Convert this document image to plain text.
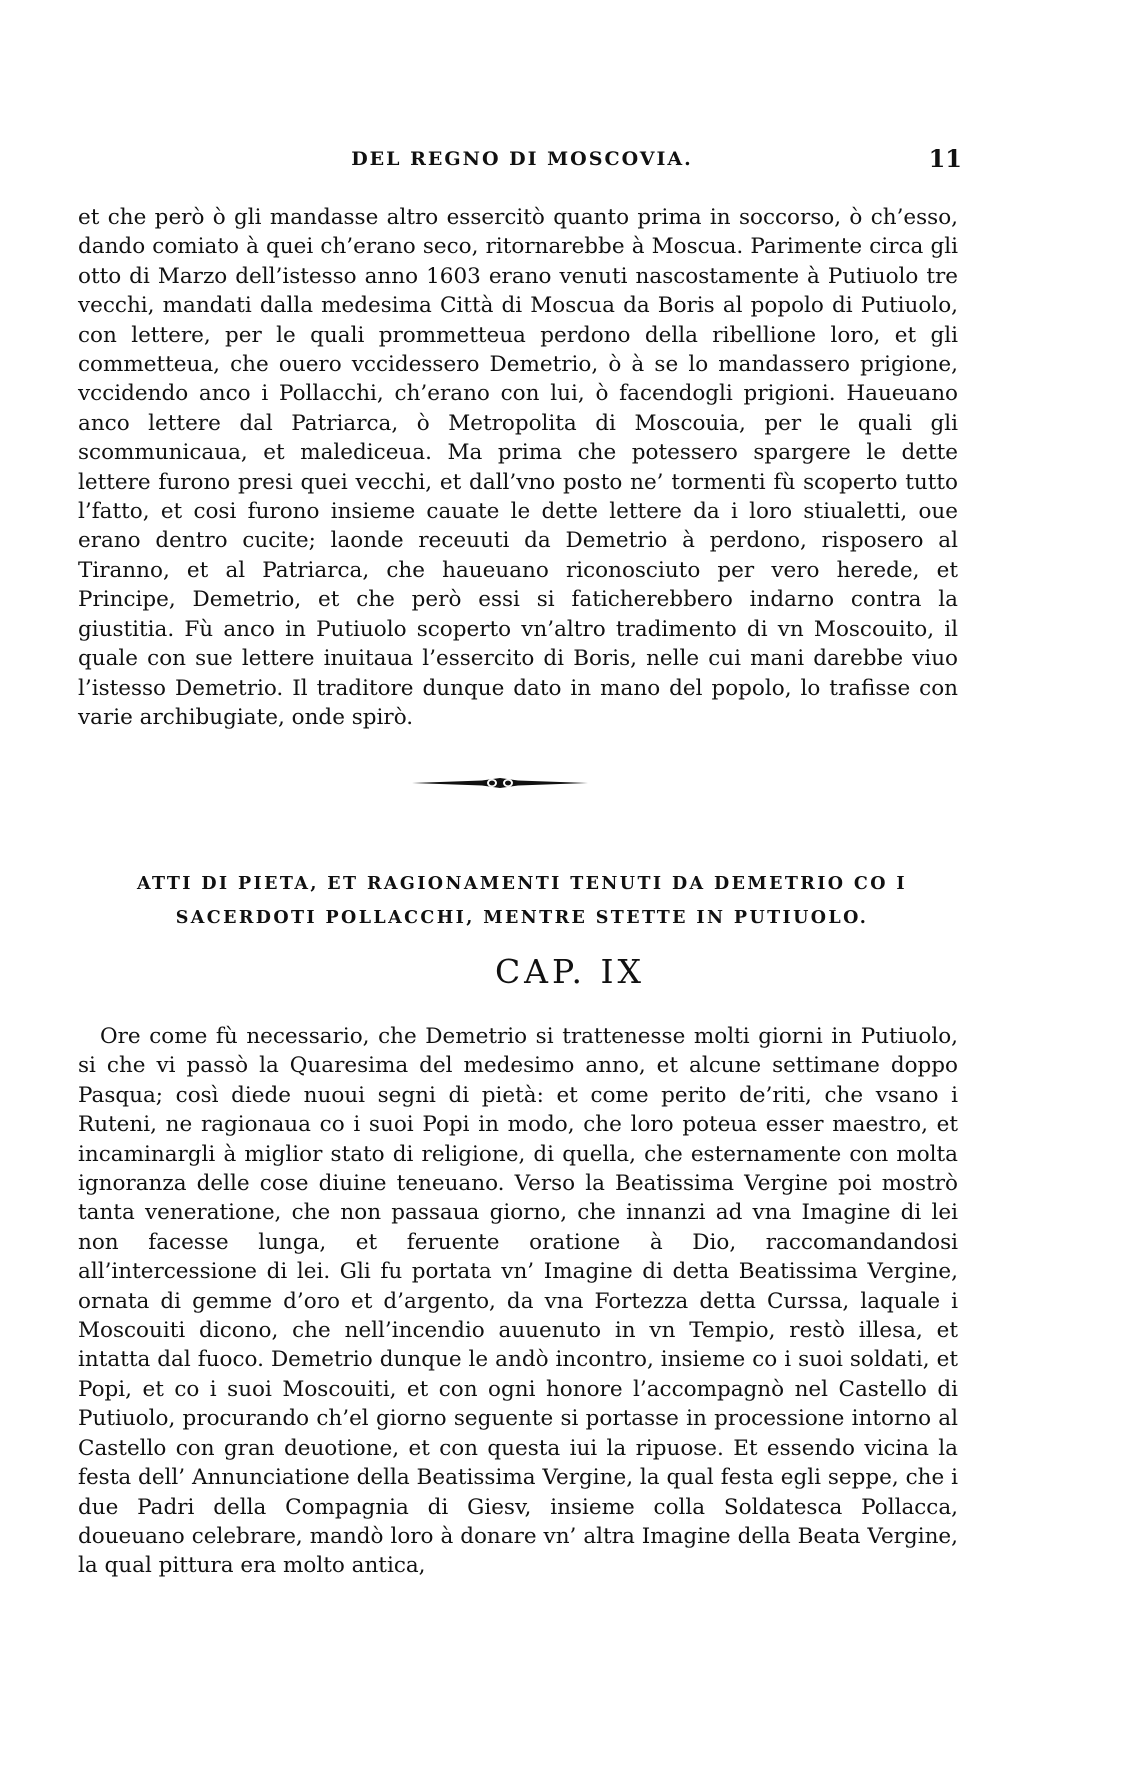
DEL REGNO DI MOSCOVIA.	11

et che però ò gli mandasse altro essercitò quanto prima in soccorso, ò ch’esso, dando comiato à quei ch’erano seco, ritornarebbe à Moscua. Parimente circa gli otto di Marzo dell’istesso anno 1603 erano venuti nascostamente à Putiuolo tre vecchi, mandati dalla medesima Città di Moscua da Boris al popolo di Putiuolo, con lettere, per le quali prommetteua perdono della ribellione loro, et gli commetteua, che ouero vccidessero Demetrio, ò à se lo mandassero prigione, vccidendo anco i Pollacchi, ch’erano con lui, ò facendogli prigioni. Haueuano anco lettere dal Patriarca, ò Metropolita di Moscouia, per le quali gli scommunicaua, et malediceua. Ma prima che potessero spargere le dette lettere furono presi quei vecchi, et dall’vno posto ne’ tormenti fù scoperto tutto l’fatto, et cosi furono insieme cauate le dette lettere da i loro stiualetti, oue erano dentro cucite; laonde receuuti da Demetrio à perdono, risposero al Tiranno, et al Patriarca, che haueuano riconosciuto per vero herede, et Principe, Demetrio, et che però essi si faticherebbero indarno contra la giustitia. Fù anco in Putiuolo scoperto vn’altro tradimento di vn Moscouito, il quale con sue lettere inuitaua l’essercito di Boris, nelle cui mani darebbe viuo l’istesso Demetrio. Il traditore dunque dato in mano del popolo, lo trafisse con varie archibugiate, onde spirò.

ATTI DI PIETA, ET RAGIONAMENTI TENUTI DA DEMETRIO CO I SACERDOTI POLLACCHI, MENTRE STETTE IN PUTIUOLO.
CAP. IX

Ore come fù necessario, che Demetrio si trattenesse molti giorni in Putiuolo, si che vi passò la Quaresima del medesimo anno, et alcune settimane doppo Pasqua; così diede nuoui segni di pietà: et come perito de’riti, che vsano i Ruteni, ne ragionaua co i suoi Popi in modo, che loro poteua esser maestro, et incaminargli à miglior stato di religione, di quella, che esternamente con molta ignoranza delle cose diuine teneuano. Verso la Beatissima Vergine poi mostrò tanta veneratione, che non passaua giorno, che innanzi ad vna Imagine di lei non facesse lunga, et feruente oratione à Dio, raccomandandosi all’intercessione di lei. Gli fu portata vn’ Imagine di detta Beatissima Vergine, ornata di gemme d’oro et d’argento, da vna Fortezza detta Curssa, laquale i Moscouiti dicono, che nell’incendio auuenuto in vn Tempio, restò illesa, et intatta dal fuoco. Demetrio dunque le andò incontro, insieme co i suoi soldati, et Popi, et co i suoi Moscouiti, et con ogni honore l’accompagnò nel Castello di Putiuolo, procurando ch’el giorno seguente si portasse in processione intorno al Castello con gran deuotione, et con questa iui la ripuose. Et essendo vicina la festa dell’ Annunciatione della Beatissima Vergine, la qual festa egli seppe, che i due Padri della Compagnia di Giesv, insieme colla Soldatesca Pollacca, doueuano celebrare, mandò loro à donare vn’ altra Imagine della Beata Vergine, la qual pittura era molto antica,
